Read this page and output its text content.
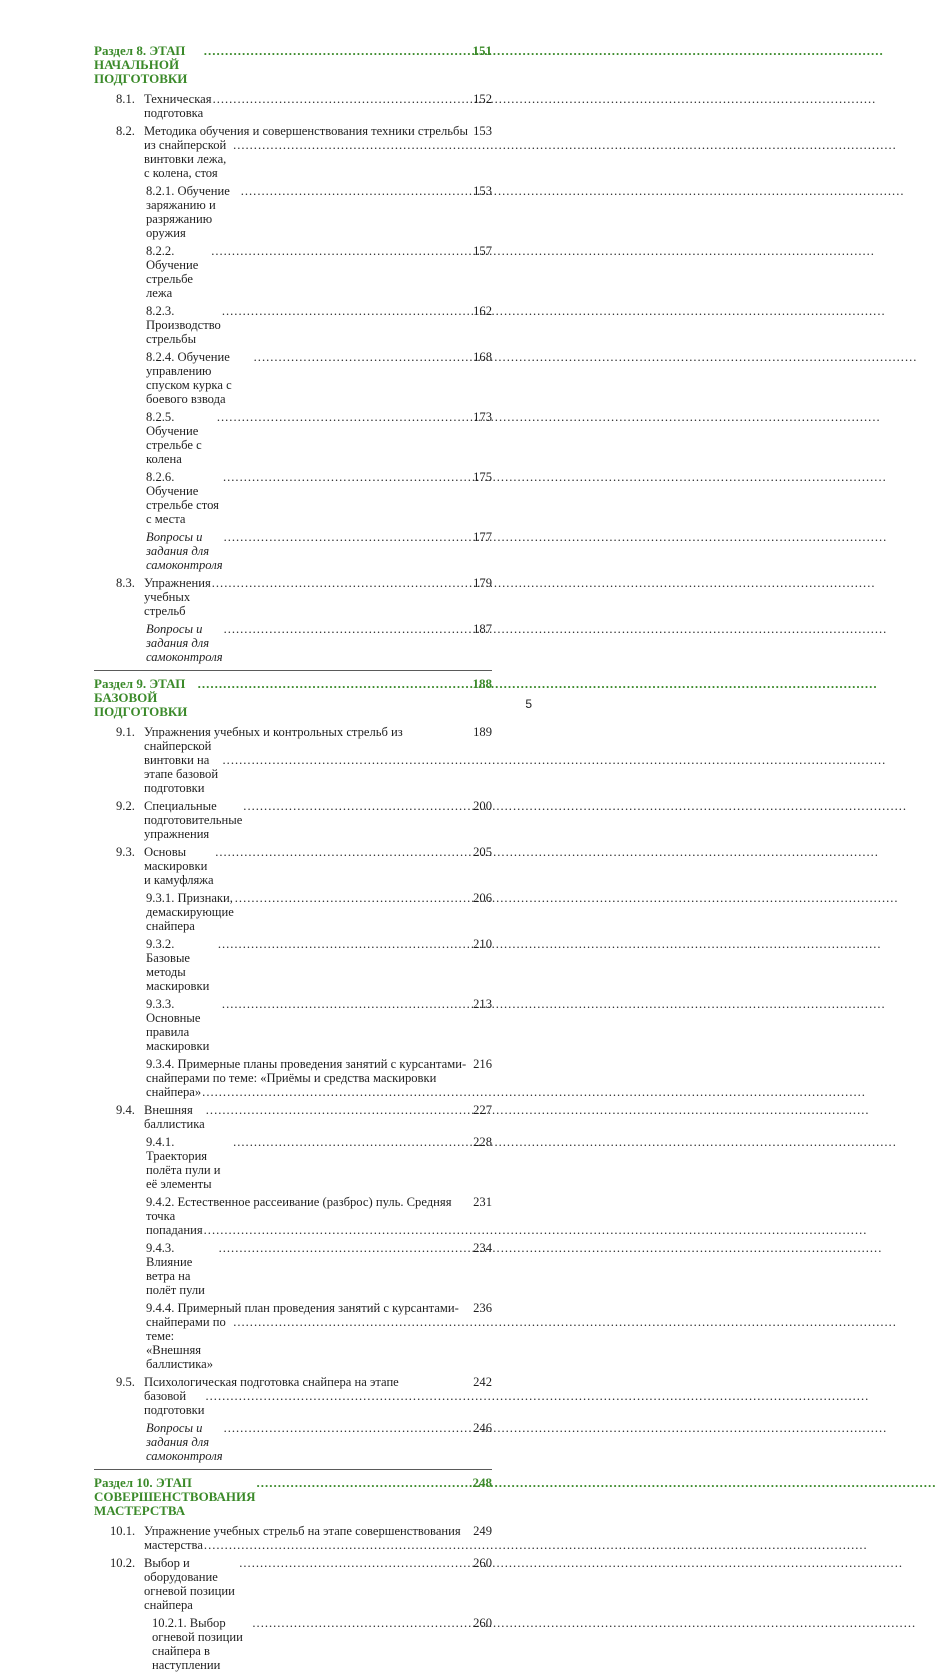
Раздел 8. ЭТАП НАЧАЛЬНОЙ ПОДГОТОВКИ
.....
151
8.1. Техническая подготовка
.....
152
8.2. Методика обучения и совершенствования техники стрельбы
из снайперской винтовки лежа, с колена, стоя
.....
153
8.2.1. Обучение заряжанию и разряжанию оружия
.....
153
8.2.2. Обучение стрельбе лежа
.....
157
8.2.3. Производство стрельбы
.....
162
8.2.4. Обучение управлению спуском курка с боевого взвода
.....
168
8.2.5. Обучение стрельбе с колена
.....
173
8.2.6. Обучение стрельбе стоя с места
.....
175
Вопросы и задания для самоконтроля
.....
177
8.3. Упражнения учебных стрельб
.....
179
Вопросы и задания для самоконтроля
.....
187
Раздел 9. ЭТАП БАЗОВОЙ ПОДГОТОВКИ
.....
188
9.1. Упражнения учебных и контрольных стрельб из снайперской
винтовки на этапе базовой подготовки
.....
189
9.2. Специальные подготовительные упражнения
.....
200
9.3. Основы маскировки и камуфляжа
.....
205
9.3.1. Признаки, демаскирующие снайпера
.....
206
9.3.2. Базовые методы маскировки
.....
210
9.3.3. Основные правила маскировки
.....
213
9.3.4. Примерные планы проведения занятий с курсантами-
снайперами по теме: «Приёмы и средства маскировки
снайпера»
.....
216
9.4. Внешняя баллистика
.....
227
9.4.1. Траектория полёта пули и её элементы
.....
228
9.4.2. Естественное рассеивание (разброс) пуль. Средняя точка
попадания
.....
231
9.4.3. Влияние ветра на полёт пули
.....
234
9.4.4. Примерный план проведения занятий с курсантами-
снайперами по теме: «Внешняя баллистика»
.....
236
9.5. Психологическая подготовка снайпера на этапе
базовой подготовки
.....
242
Вопросы и задания для самоконтроля
.....
246
Раздел 10. ЭТАП СОВЕРШЕНСТВОВАНИЯ МАСТЕРСТВА
.....
248
10.1. Упражнение учебных стрельб на этапе совершенствования
мастерства
.....
249
10.2. Выбор и оборудование огневой позиции снайпера
.....
260
10.2.1. Выбор огневой позиции снайпера в наступлении
.....
260
5
